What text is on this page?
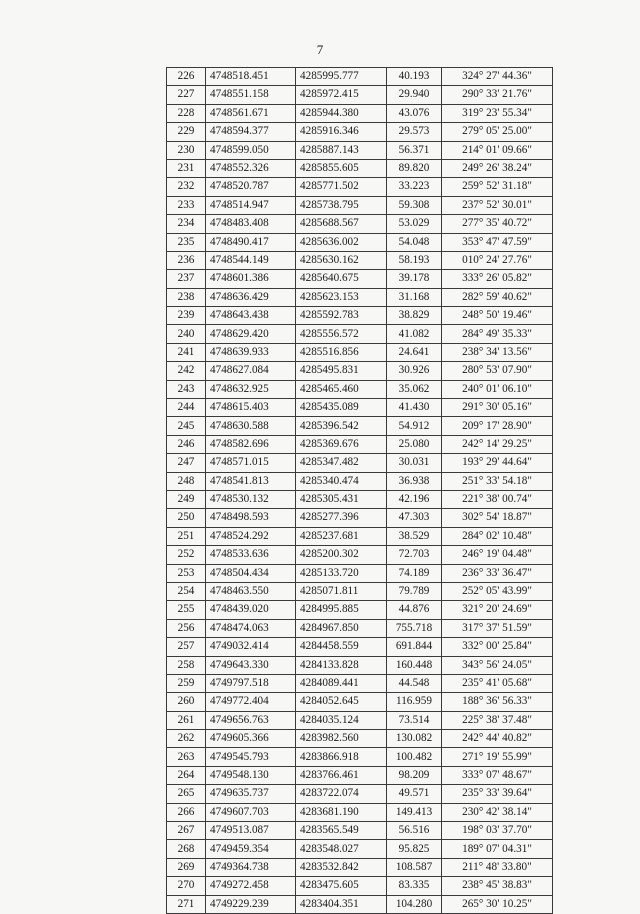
7
226	4748518.451	4285995.777	40.193	324° 27' 44.36"
227	4748551.158	4285972.415	29.940	290° 33' 21.76"
228	4748561.671	4285944.380	43.076	319° 23' 55.34"
229	4748594.377	4285916.346	29.573	279° 05' 25.00"
230	4748599.050	4285887.143	56.371	214° 01' 09.66"
231	4748552.326	4285855.605	89.820	249° 26' 38.24"
232	4748520.787	4285771.502	33.223	259° 52' 31.18"
233	4748514.947	4285738.795	59.308	237° 52' 30.01"
234	4748483.408	4285688.567	53.029	277° 35' 40.72"
235	4748490.417	4285636.002	54.048	353° 47' 47.59"
236	4748544.149	4285630.162	58.193	010° 24' 27.76"
237	4748601.386	4285640.675	39.178	333° 26' 05.82"
238	4748636.429	4285623.153	31.168	282° 59' 40.62"
239	4748643.438	4285592.783	38.829	248° 50' 19.46"
240	4748629.420	4285556.572	41.082	284° 49' 35.33"
241	4748639.933	4285516.856	24.641	238° 34' 13.56"
242	4748627.084	4285495.831	30.926	280° 53' 07.90"
243	4748632.925	4285465.460	35.062	240° 01' 06.10"
244	4748615.403	4285435.089	41.430	291° 30' 05.16"
245	4748630.588	4285396.542	54.912	209° 17' 28.90"
246	4748582.696	4285369.676	25.080	242° 14' 29.25"
247	4748571.015	4285347.482	30.031	193° 29' 44.64"
248	4748541.813	4285340.474	36.938	251° 33' 54.18"
249	4748530.132	4285305.431	42.196	221° 38' 00.74"
250	4748498.593	4285277.396	47.303	302° 54' 18.87"
251	4748524.292	4285237.681	38.529	284° 02' 10.48"
252	4748533.636	4285200.302	72.703	246° 19' 04.48"
253	4748504.434	4285133.720	74.189	236° 33' 36.47"
254	4748463.550	4285071.811	79.789	252° 05' 43.99"
255	4748439.020	4284995.885	44.876	321° 20' 24.69"
256	4748474.063	4284967.850	755.718	317° 37' 51.59"
257	4749032.414	4284458.559	691.844	332° 00' 25.84"
258	4749643.330	4284133.828	160.448	343° 56' 24.05"
259	4749797.518	4284089.441	44.548	235° 41' 05.68"
260	4749772.404	4284052.645	116.959	188° 36' 56.33"
261	4749656.763	4284035.124	73.514	225° 38' 37.48"
262	4749605.366	4283982.560	130.082	242° 44' 40.82"
263	4749545.793	4283866.918	100.482	271° 19' 55.99"
264	4749548.130	4283766.461	98.209	333° 07' 48.67"
265	4749635.737	4283722.074	49.571	235° 33' 39.64"
266	4749607.703	4283681.190	149.413	230° 42' 38.14"
267	4749513.087	4283565.549	56.516	198° 03' 37.70"
268	4749459.354	4283548.027	95.825	189° 07' 04.31"
269	4749364.738	4283532.842	108.587	211° 48' 33.80"
270	4749272.458	4283475.605	83.335	238° 45' 38.83"
271	4749229.239	4283404.351	104.280	265° 30' 10.25"
